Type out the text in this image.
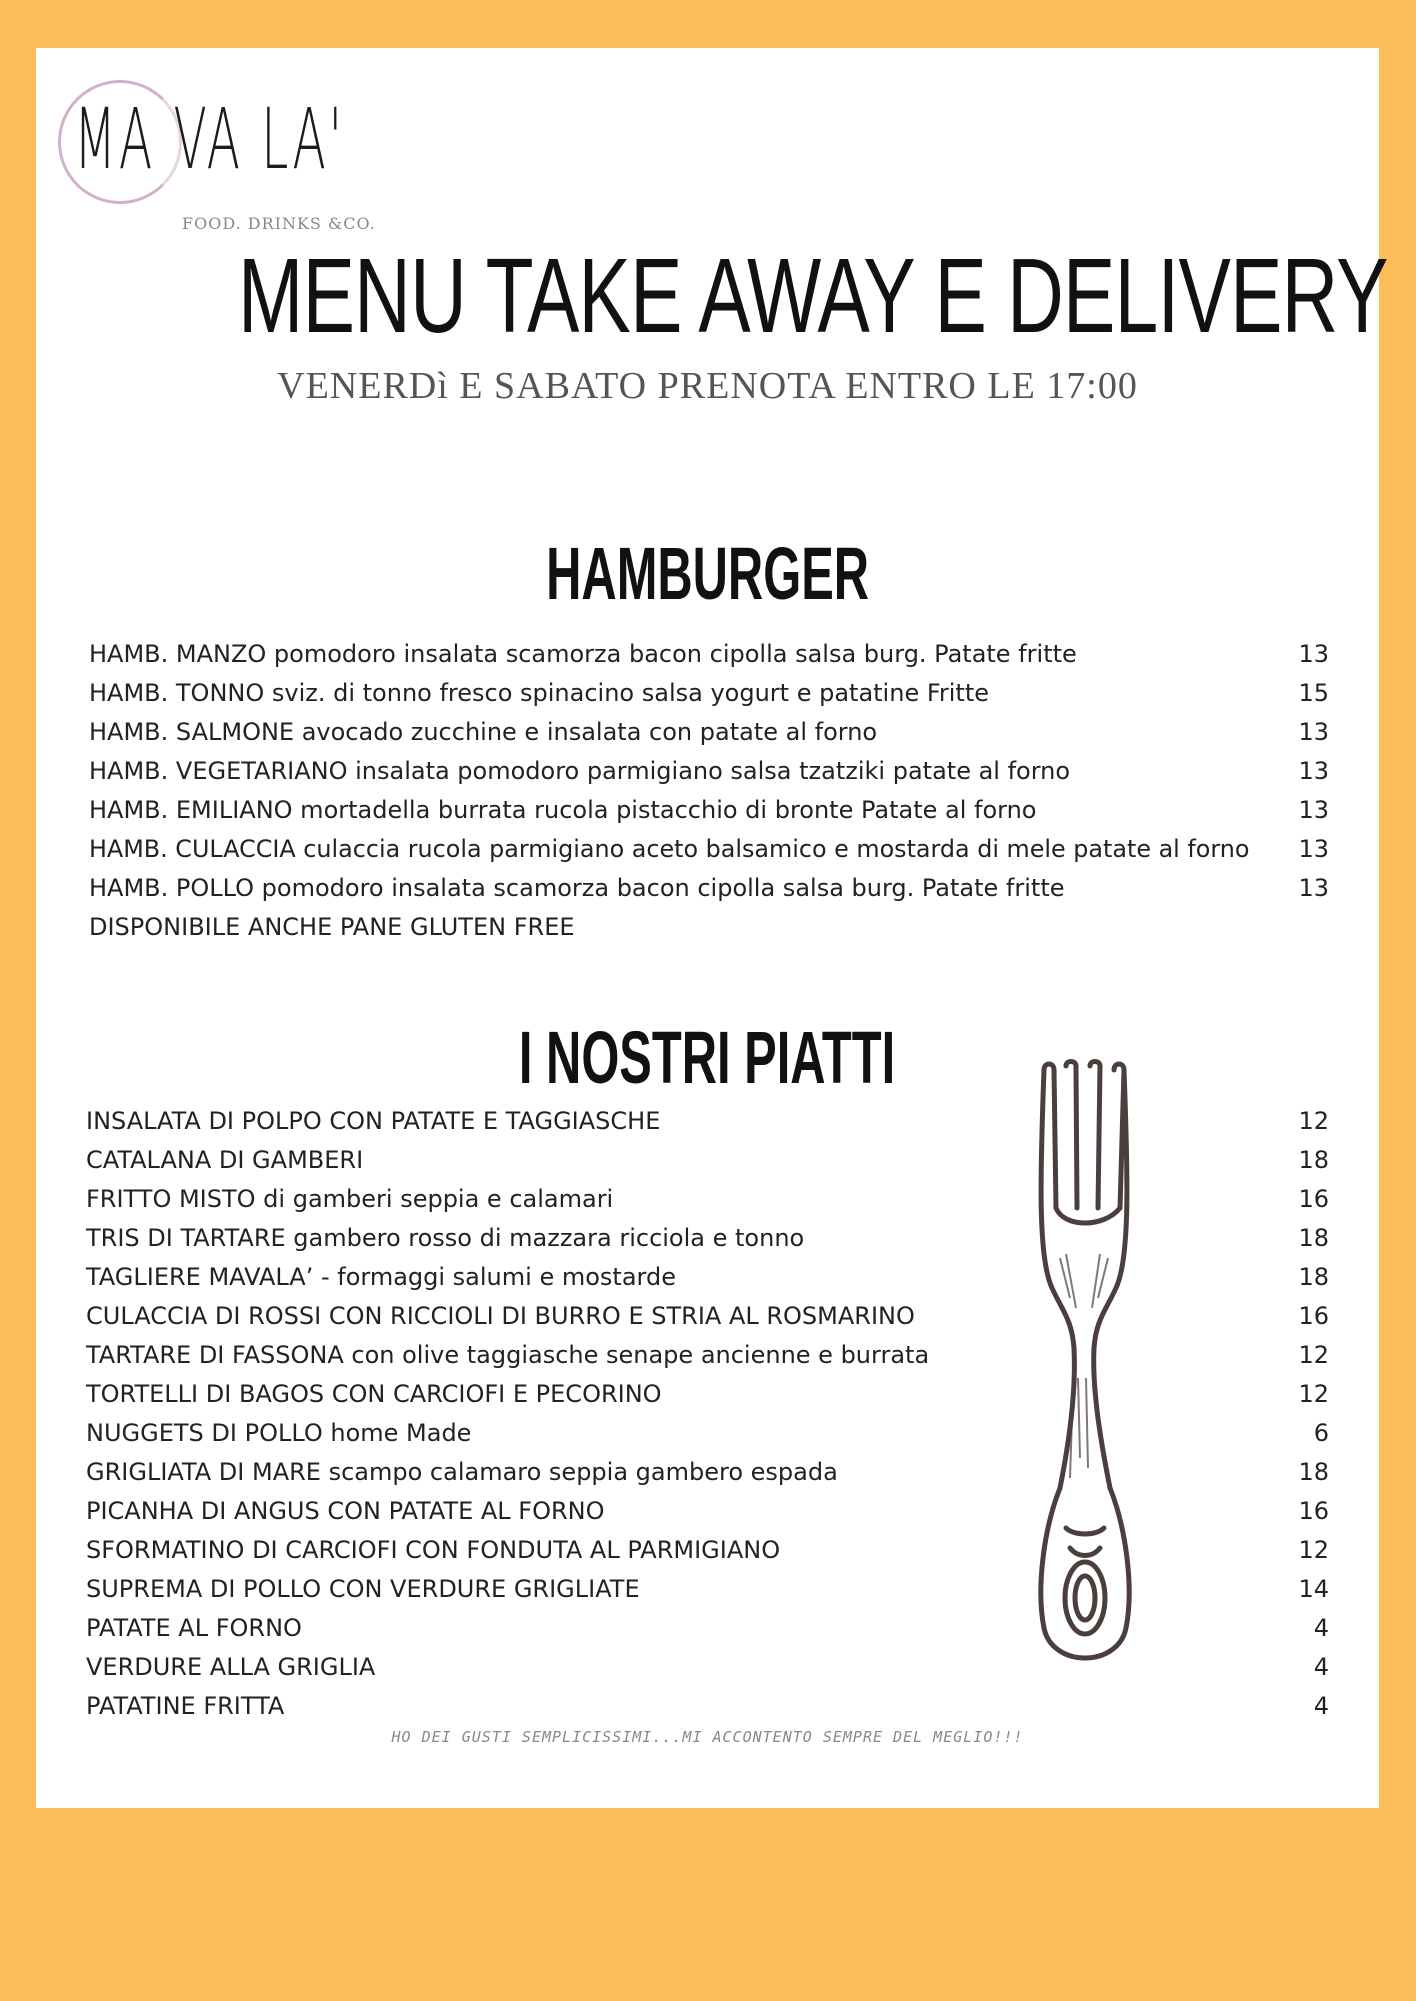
MA VA LA'
FOOD. DRINKS &CO.
MENU TAKE AWAY E DELIVERY
VENERDì E SABATO PRENOTA ENTRO LE 17:00
HAMBURGER
HAMB. MANZO pomodoro insalata scamorza bacon cipolla salsa burg. Patate fritte	13
HAMB. TONNO sviz. di tonno fresco spinacino salsa yogurt e patatine Fritte	15
HAMB. SALMONE avocado zucchine e insalata con patate al forno	13
HAMB. VEGETARIANO insalata pomodoro parmigiano salsa tzatziki patate al forno	13
HAMB. EMILIANO mortadella burrata rucola pistacchio di bronte Patate al forno	13
HAMB. CULACCIA culaccia rucola parmigiano aceto balsamico e mostarda di mele patate al forno 13
HAMB. POLLO pomodoro insalata scamorza bacon cipolla salsa burg. Patate fritte	13
DISPONIBILE ANCHE PANE GLUTEN FREE
I NOSTRI PIATTI
INSALATA DI POLPO CON PATATE E TAGGIASCHE	12
CATALANA DI GAMBERI	18
FRITTO MISTO di gamberi seppia e calamari	16
TRIS DI TARTARE gambero rosso di mazzara ricciola e tonno	18
TAGLIERE MAVALA’ - formaggi salumi e mostarde	18
CULACCIA DI ROSSI CON RICCIOLI DI BURRO E STRIA AL ROSMARINO	16
TARTARE DI FASSONA con olive taggiasche senape ancienne e burrata	12
TORTELLI DI BAGOS CON CARCIOFI E PECORINO	12
NUGGETS DI POLLO home Made	6
GRIGLIATA DI MARE scampo calamaro seppia gambero espada	18
PICANHA DI ANGUS CON PATATE AL FORNO	16
SFORMATINO DI CARCIOFI CON FONDUTA AL PARMIGIANO	12
SUPREMA DI POLLO CON VERDURE GRIGLIATE	14
PATATE AL FORNO	4
VERDURE ALLA GRIGLIA	4
PATATINE FRITTA	4
HO DEI GUSTI SEMPLICISSIMI...MI ACCONTENTO SEMPRE DEL MEGLIO!!!
